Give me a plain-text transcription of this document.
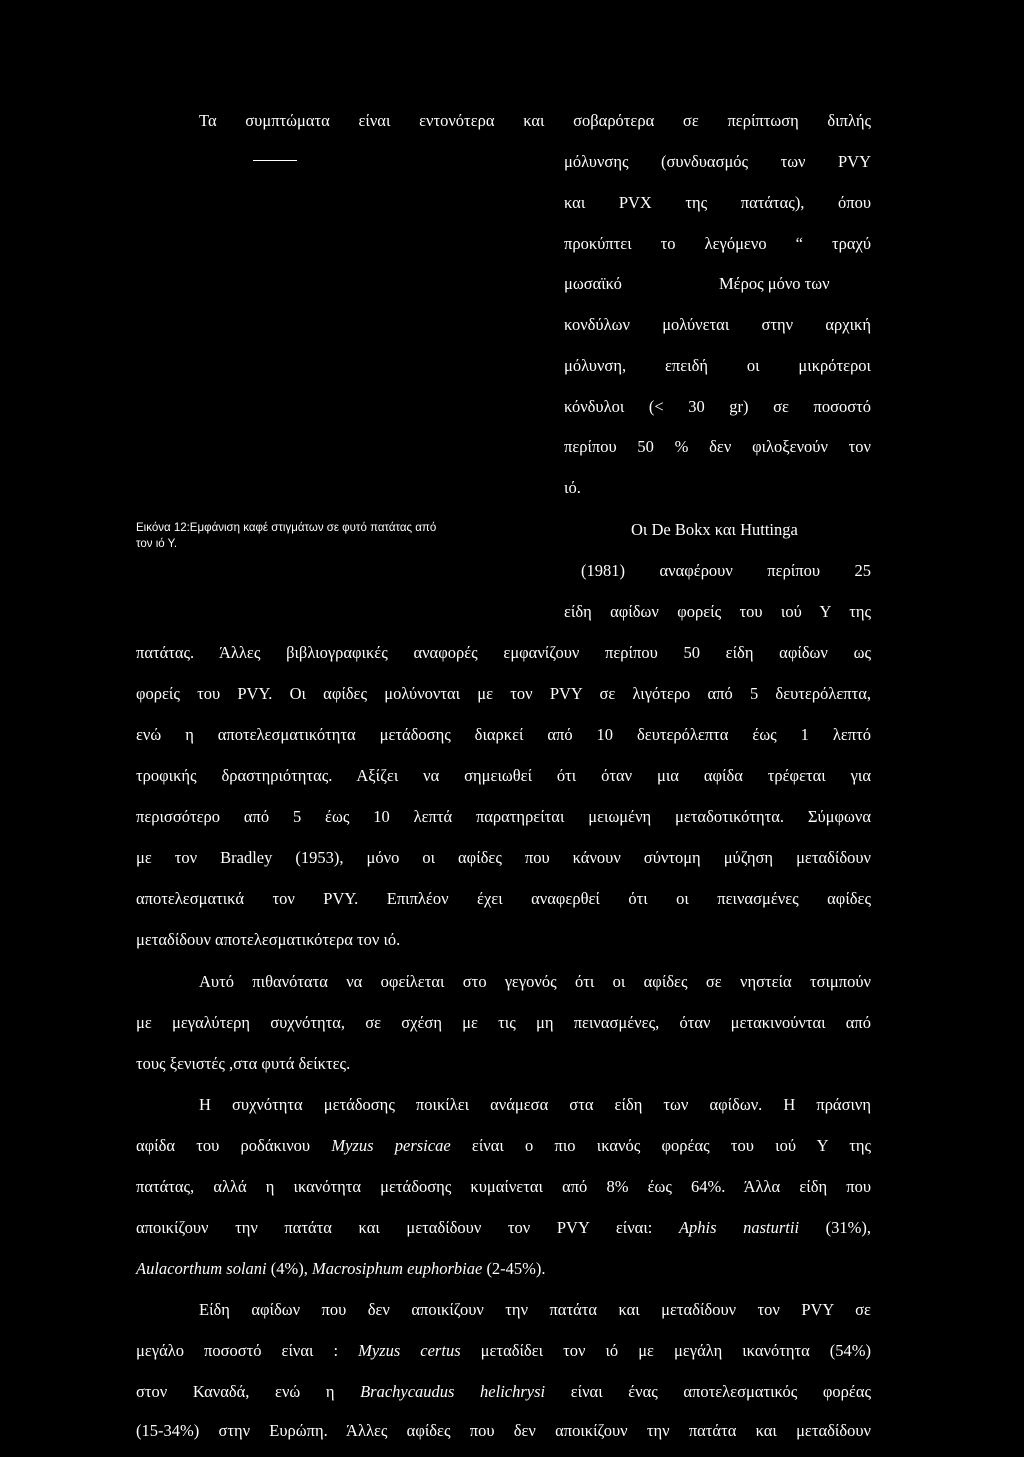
Τα συμπτώματα είναι εντονότερα και σοβαρότερα σε περίπτωση διπλής
μόλυνσης (συνδυασμός των PVY
και PVX της πατάτας), όπου
προκύπτει το λεγόμενο “ τραχύ
μωσαϊκό	Μέρος μόνο των
κονδύλων μολύνεται στην αρχική
μόλυνση, επειδή οι μικρότεροι
κόνδυλοι (< 30 gr) σε ποσοστό
περίπου 50 % δεν φιλοξενούν τον
ιό.
Οι De Bokx και Huttinga
(1981) αναφέρουν περίπου 25
είδη αφίδων φορείς του ιού Υ της
πατάτας. Άλλες βιβλιογραφικές αναφορές εμφανίζουν περίπου 50 είδη αφίδων ως
φορείς του PVY. Οι αφίδες μολύνονται με τον PVY σε λιγότερο από 5 δευτερόλεπτα,
ενώ η αποτελεσματικότητα μετάδοσης διαρκεί από 10 δευτερόλεπτα έως 1 λεπτό
τροφικής δραστηριότητας. Αξίζει να σημειωθεί ότι όταν μια αφίδα τρέφεται για
περισσότερο από 5 έως 10 λεπτά παρατηρείται μειωμένη μεταδοτικότητα. Σύμφωνα
με τον Bradley (1953), μόνο οι αφίδες που κάνουν σύντομη μύζηση μεταδίδουν
αποτελεσματικά τον PVY. Επιπλέον έχει αναφερθεί ότι οι πεινασμένες αφίδες
μεταδίδουν αποτελεσματικότερα τον ιό.
Εικόνα 12:Εμφάνιση καφέ στιγμάτων σε φυτό πατάτας από
τον ιό Υ.
Αυτό πιθανότατα να οφείλεται στο γεγονός ότι οι αφίδες σε νηστεία τσιμπούν
με μεγαλύτερη συχνότητα, σε σχέση με τις μη πεινασμένες, όταν μετακινούνται από
τους ξενιστές ,στα φυτά δείκτες.
Η συχνότητα μετάδοσης ποικίλει ανάμεσα στα είδη των αφίδων. Η πράσινη
αφίδα του ροδάκινου Myzus persicae είναι ο πιο ικανός φορέας του ιού Υ της
πατάτας, αλλά η ικανότητα μετάδοσης κυμαίνεται από 8% έως 64%. Άλλα είδη που
αποικίζουν την πατάτα και μεταδίδουν τον PVY είναι: Aphis nasturtii (31%),
Aulacorthum solani (4%), Macrosiphum euphorbiae (2-45%).
Είδη αφίδων που δεν αποικίζουν την πατάτα και μεταδίδουν τον PVY σε
μεγάλο ποσοστό είναι : Myzus certus μεταδίδει τον ιό με μεγάλη ικανότητα (54%)
στον Καναδά, ενώ η Brachycaudus helichrysi είναι ένας αποτελεσματικός φορέας
(15-34%) στην Ευρώπη. Άλλες αφίδες που δεν αποικίζουν την πατάτα και μεταδίδουν
